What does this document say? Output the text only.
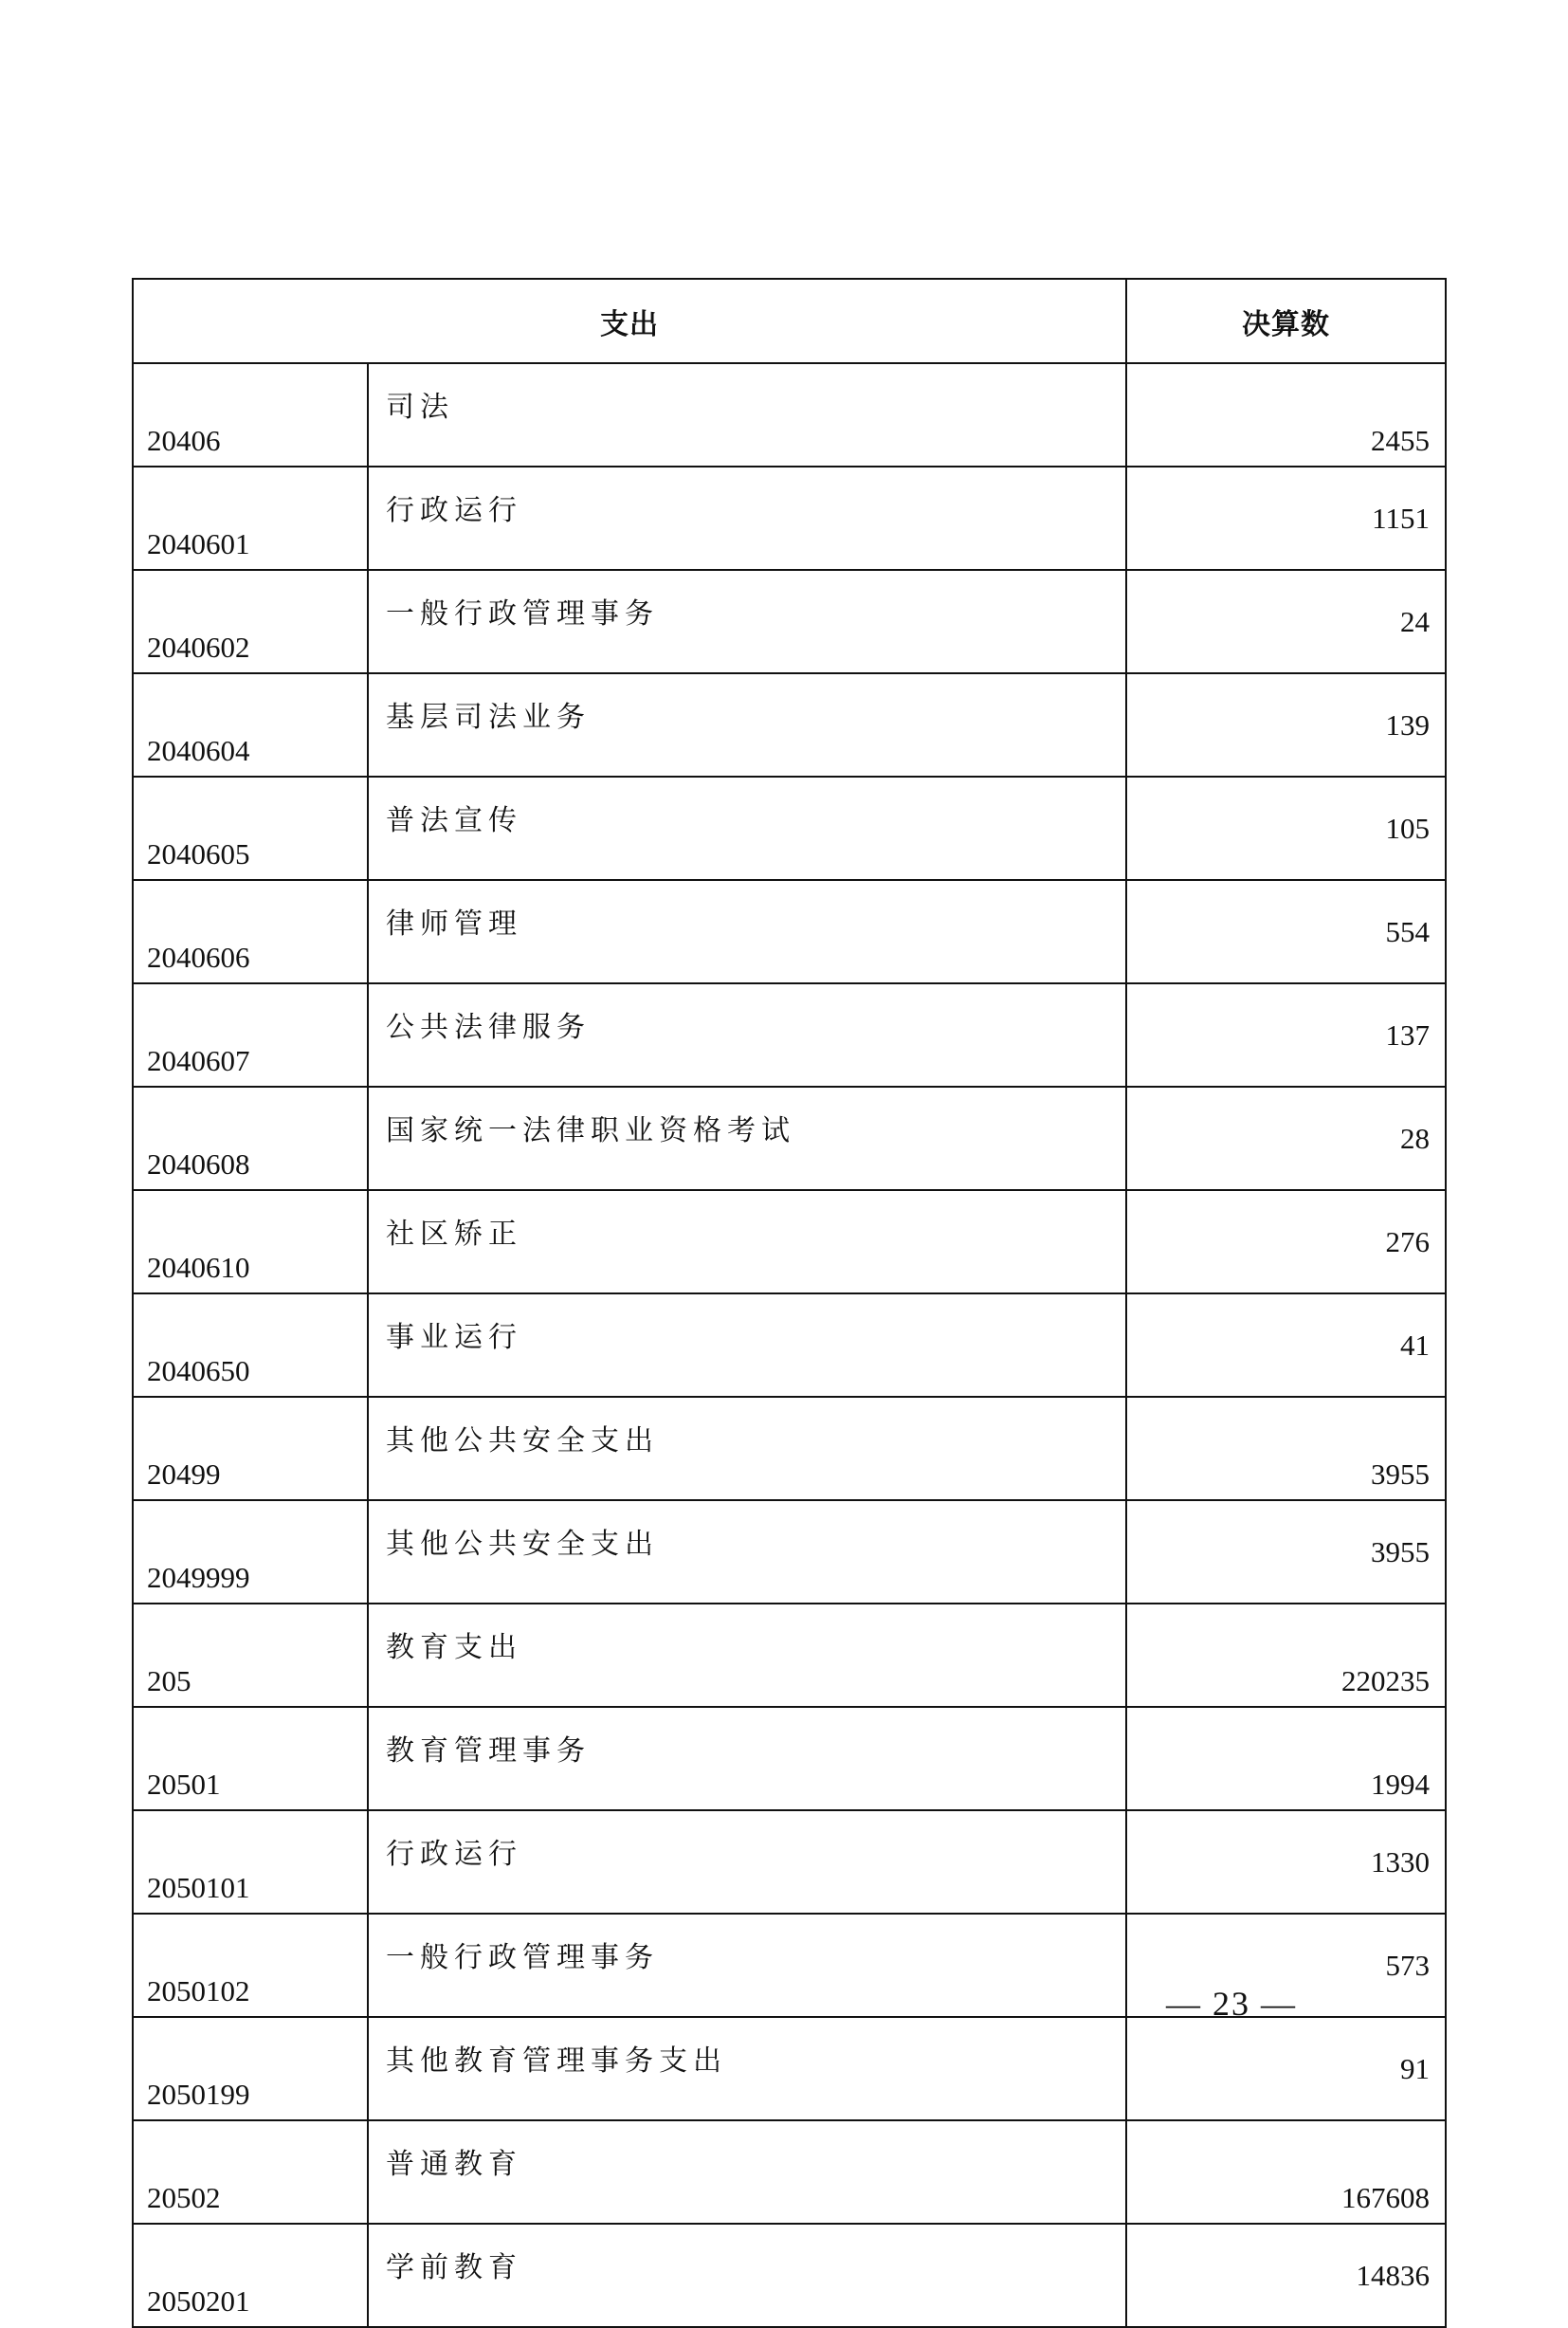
支出		决算数
20406	司法	2455
2040601	行政运行	1151
2040602	一般行政管理事务	24
2040604	基层司法业务	139
2040605	普法宣传	105
2040606	律师管理	554
2040607	公共法律服务	137
2040608	国家统一法律职业资格考试	28
2040610	社区矫正	276
2040650	事业运行	41
20499	其他公共安全支出	3955
2049999	其他公共安全支出	3955
205	教育支出	220235
20501	教育管理事务	1994
2050101	行政运行	1330
2050102	一般行政管理事务	573
2050199	其他教育管理事务支出	91
20502	普通教育	167608
2050201	学前教育	14836
— 23 —
